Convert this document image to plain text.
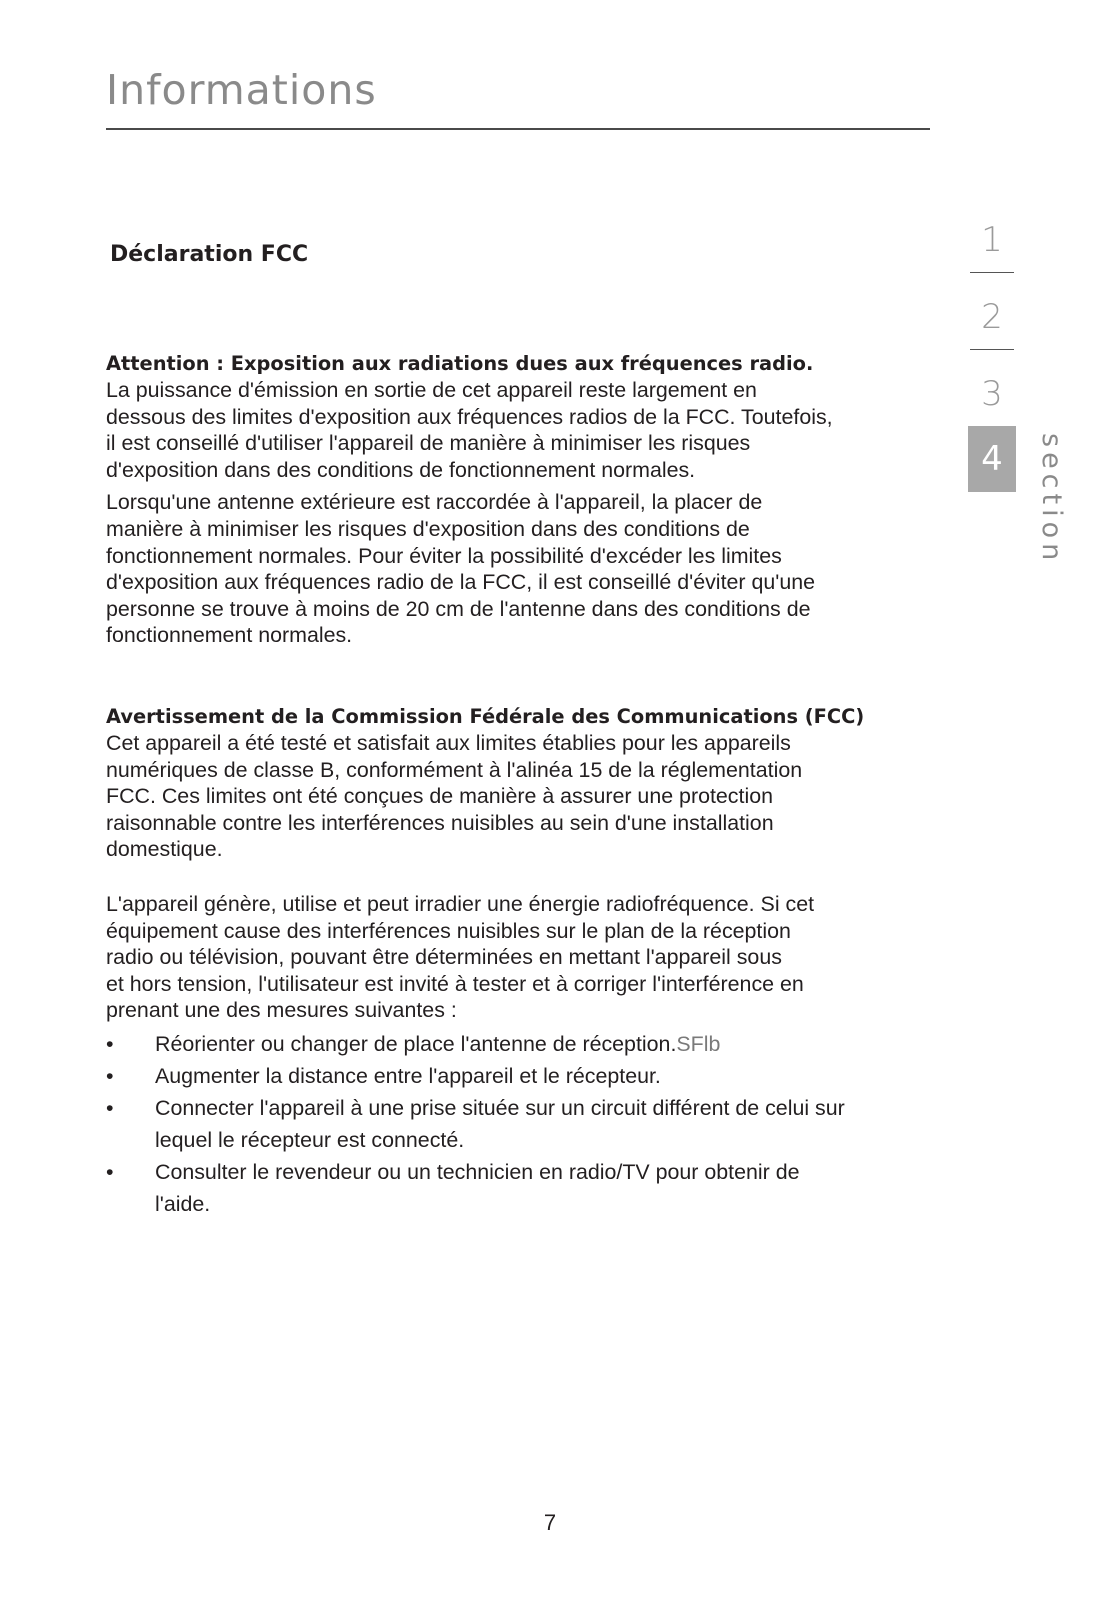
Informations
Déclaration FCC
Attention : Exposition aux radiations dues aux fréquences radio.

La puissance d'émission en sortie de cet appareil reste largement en
dessous des limites d'exposition aux fréquences radios de la FCC. Toutefois,
il est conseillé d'utiliser l'appareil de manière à minimiser les risques
d'exposition dans des conditions de fonctionnement normales.

Lorsqu'une antenne extérieure est raccordée à l'appareil, la placer de
manière à minimiser les risques d'exposition dans des conditions de
fonctionnement normales. Pour éviter la possibilité d'excéder les limites
d'exposition aux fréquences radio de la FCC, il est conseillé d'éviter qu'une
personne se trouve à moins de 20 cm de l'antenne dans des conditions de
fonctionnement normales.

Avertissement de la Commission Fédérale des Communications (FCC)

Cet appareil a été testé et satisfait aux limites établies pour les appareils
numériques de classe B, conformément à l'alinéa 15 de la réglementation
FCC. Ces limites ont été conçues de manière à assurer une protection
raisonnable contre les interférences nuisibles au sein d'une installation
domestique.

L'appareil génère, utilise et peut irradier une énergie radiofréquence. Si cet
équipement cause des interférences nuisibles sur le plan de la réception
radio ou télévision, pouvant être déterminées en mettant l'appareil sous
et hors tension, l'utilisateur est invité à tester et à corriger l'interférence en
prenant une des mesures suivantes :

• Réorienter ou changer de place l'antenne de réception.SFlb
• Augmenter la distance entre l'appareil et le récepteur.
• Connecter l'appareil à une prise située sur un circuit différent de celui sur
lequel le récepteur est connecté.
• Consulter le revendeur ou un technicien en radio/TV pour obtenir de
l'aide.
1
2
3
4	section
7
